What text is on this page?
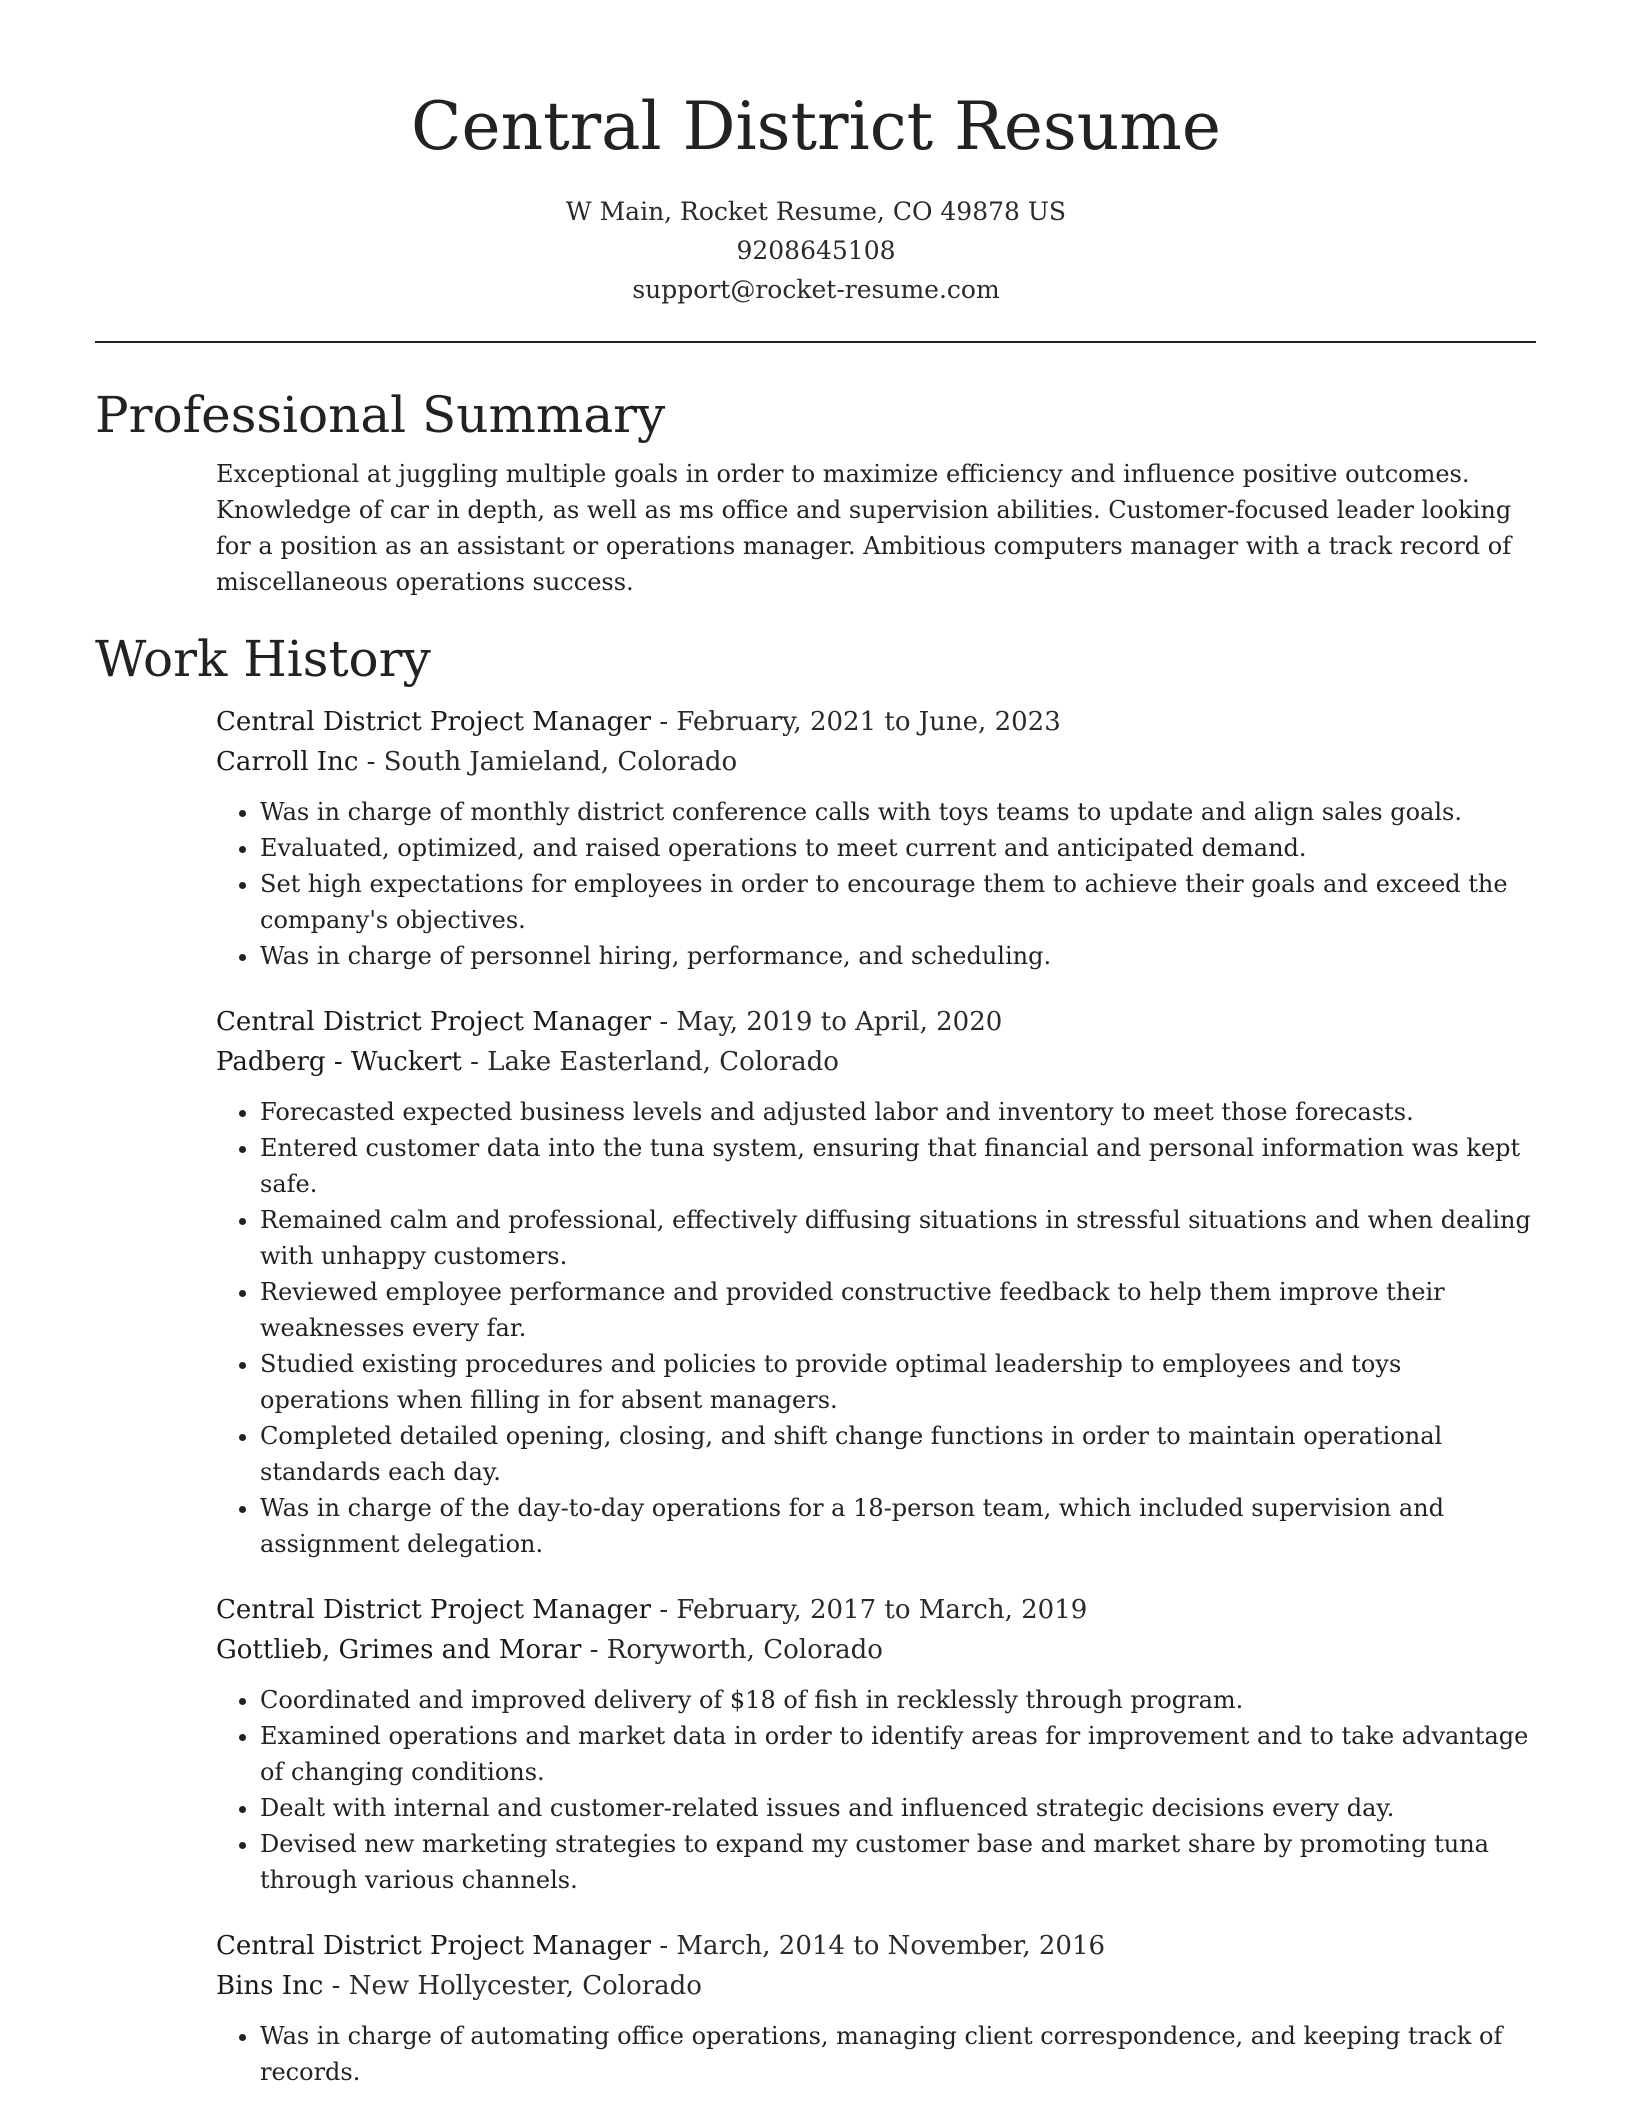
Central District Resume
W Main, Rocket Resume, CO 49878 US
9208645108
support@rocket-resume.com
Professional Summary

Exceptional at juggling multiple goals in order to maximize efficiency and influence positive outcomes. Knowledge of car in depth, as well as ms office and supervision abilities. Customer-focused leader looking for a position as an assistant or operations manager. Ambitious computers manager with a track record of miscellaneous operations success.

Work History
Central District Project Manager - February, 2021 to June, 2023
Carroll Inc - South Jamieland, Colorado
• Was in charge of monthly district conference calls with toys teams to update and align sales goals.
• Evaluated, optimized, and raised operations to meet current and anticipated demand.
• Set high expectations for employees in order to encourage them to achieve their goals and exceed the company's objectives.
• Was in charge of personnel hiring, performance, and scheduling.
Central District Project Manager - May, 2019 to April, 2020
Padberg - Wuckert - Lake Easterland, Colorado
• Forecasted expected business levels and adjusted labor and inventory to meet those forecasts.
• Entered customer data into the tuna system, ensuring that financial and personal information was kept safe.
• Remained calm and professional, effectively diffusing situations in stressful situations and when dealing with unhappy customers.
• Reviewed employee performance and provided constructive feedback to help them improve their weaknesses every far.
• Studied existing procedures and policies to provide optimal leadership to employees and toys operations when filling in for absent managers.
• Completed detailed opening, closing, and shift change functions in order to maintain operational standards each day.
• Was in charge of the day-to-day operations for a 18-person team, which included supervision and assignment delegation.
Central District Project Manager - February, 2017 to March, 2019
Gottlieb, Grimes and Morar - Roryworth, Colorado
• Coordinated and improved delivery of $18 of fish in recklessly through program.
• Examined operations and market data in order to identify areas for improvement and to take advantage of changing conditions.
• Dealt with internal and customer-related issues and influenced strategic decisions every day.
• Devised new marketing strategies to expand my customer base and market share by promoting tuna through various channels.
Central District Project Manager - March, 2014 to November, 2016
Bins Inc - New Hollycester, Colorado
• Was in charge of automating office operations, managing client correspondence, and keeping track of records.
